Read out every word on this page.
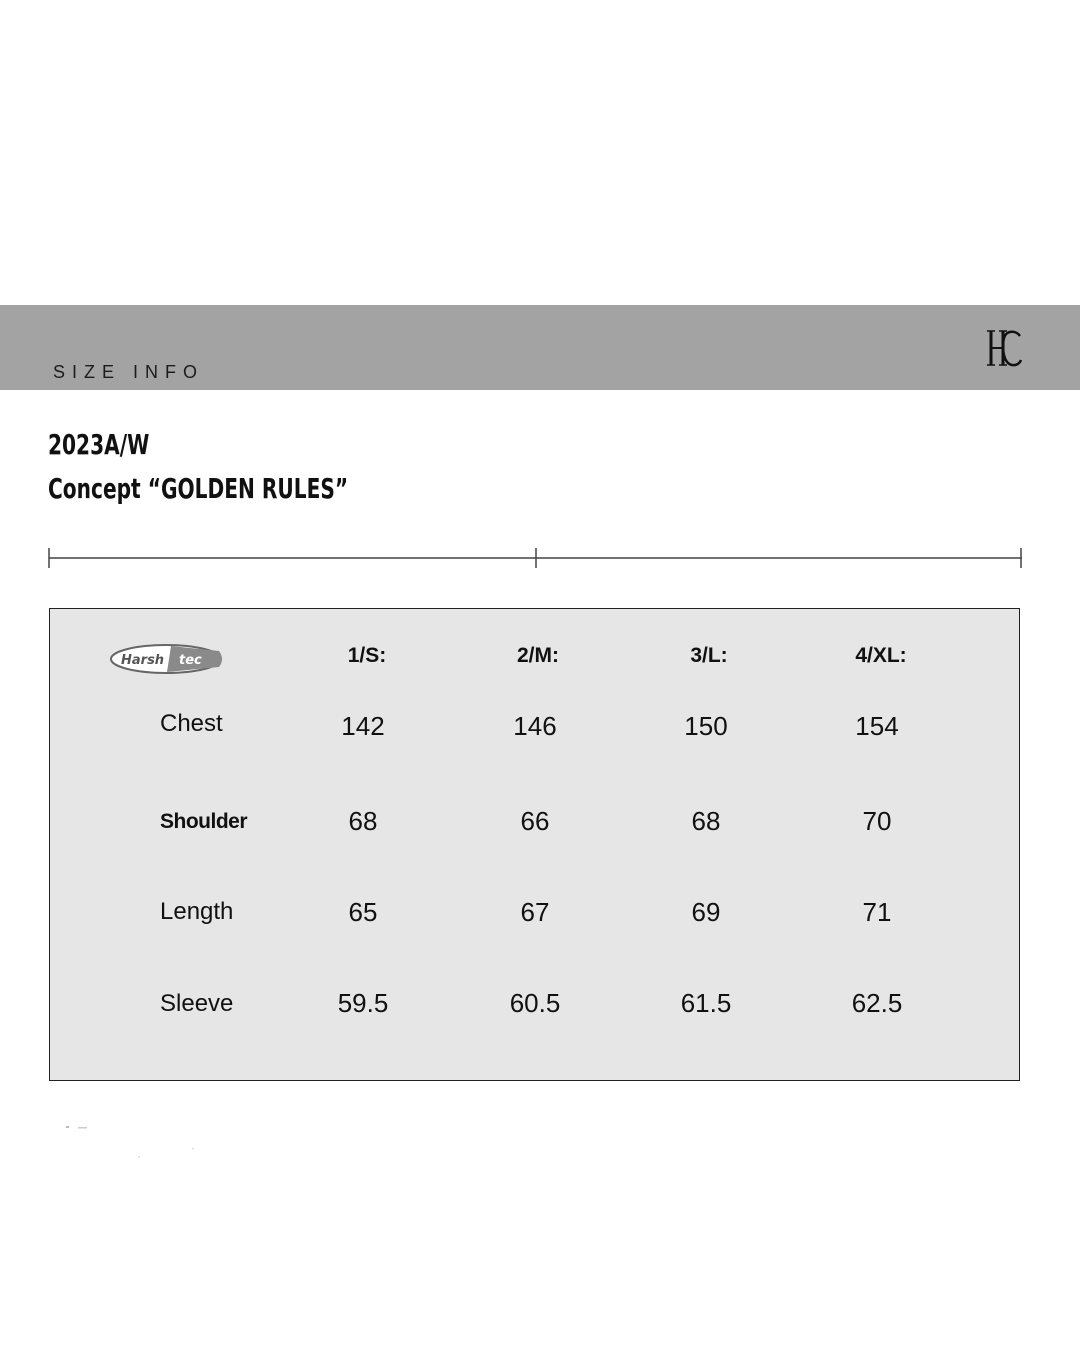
SIZE INFO
2023A/W
Concept “GOLDEN RULES”
Harsh tec	1/S:	2/M:	3/L:	4/XL:
Chest	142	146	150	154
Shoulder	68	66	68	70
Length	65	67	69	71
Sleeve	59.5	60.5	61.5	62.5
